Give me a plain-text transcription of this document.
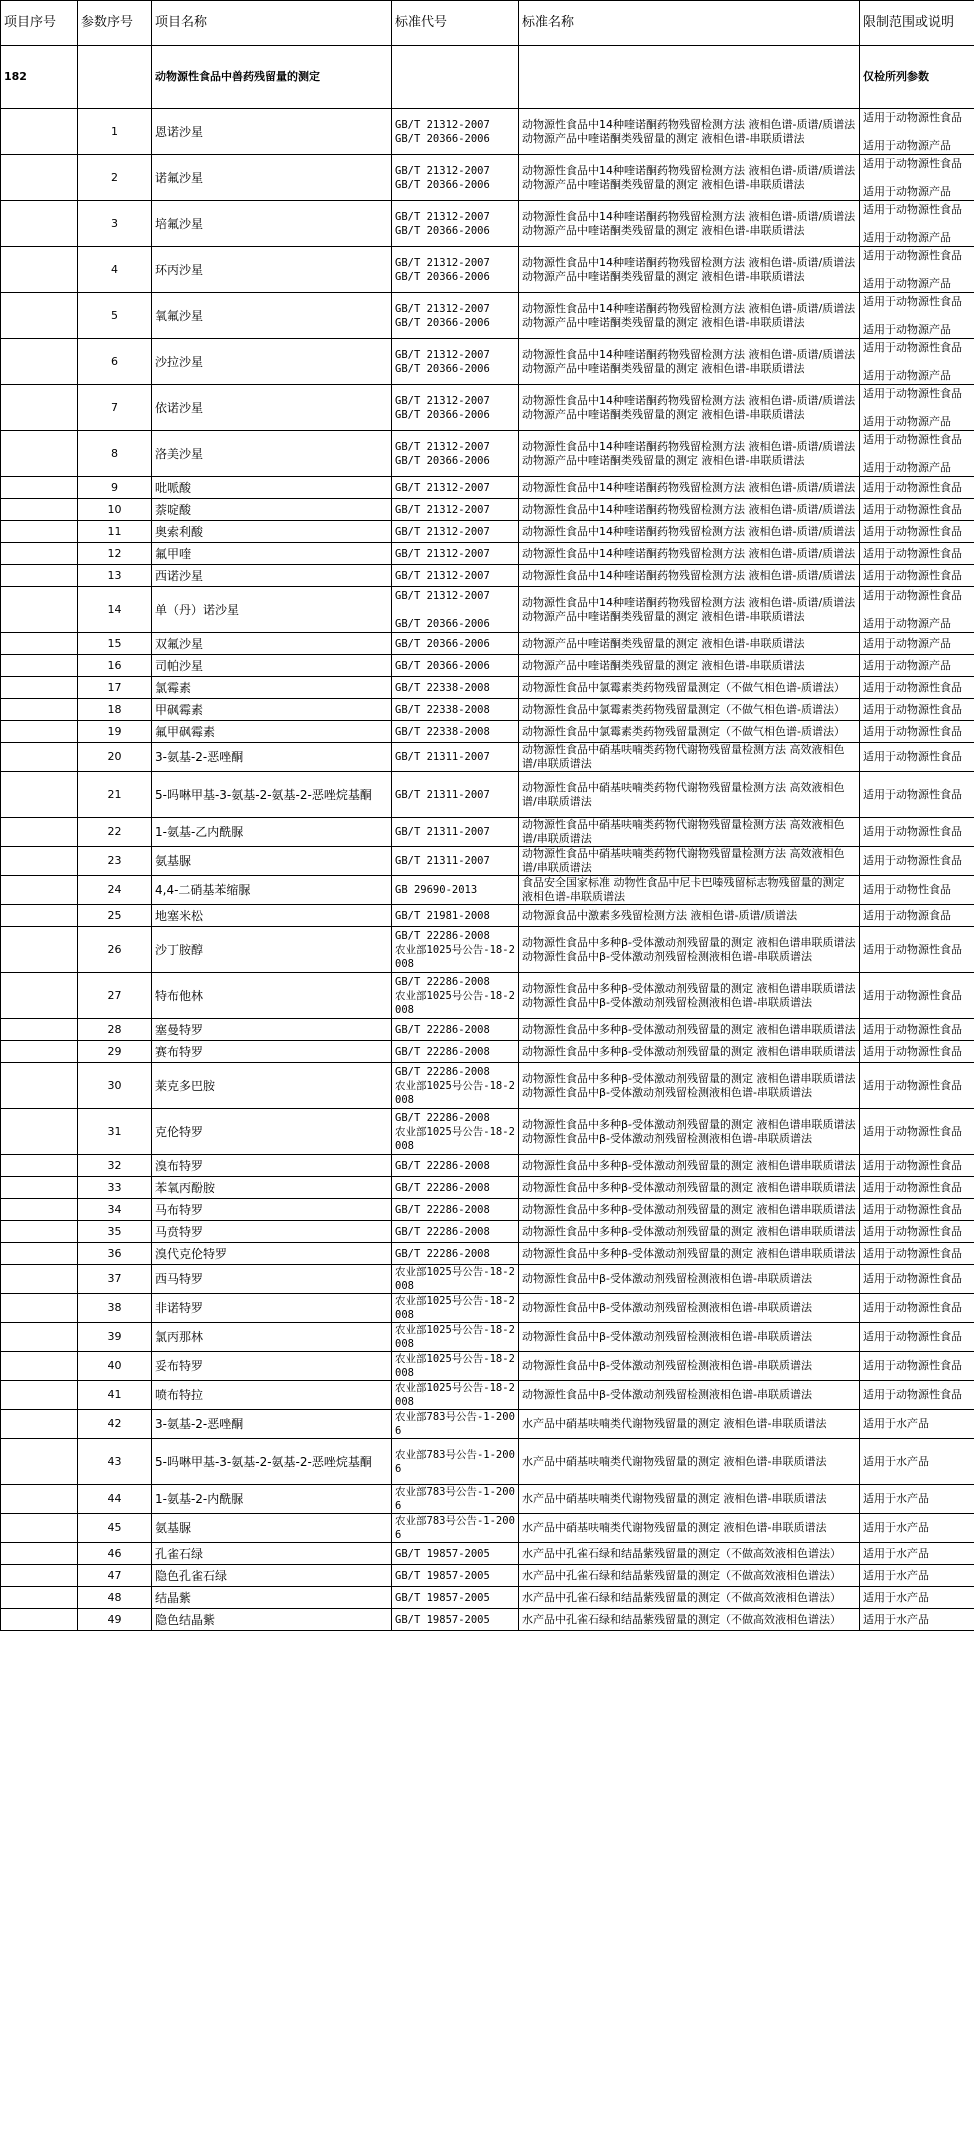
项目序号	参数序号	项目名称	标准代号	标准名称	限制范围或说明
182		动物源性食品中兽药残留量的测定			仅检所列参数
	1	恩诺沙星	GB/T 21312-2007
GB/T 20366-2006	动物源性食品中14种喹诺酮药物残留检测方法 液相色谱-质谱/质谱法
动物源产品中喹诺酮类残留量的测定 液相色谱-串联质谱法	适用于动物源性食品

适用于动物源产品
	2	诺氟沙星	GB/T 21312-2007
GB/T 20366-2006	动物源性食品中14种喹诺酮药物残留检测方法 液相色谱-质谱/质谱法
动物源产品中喹诺酮类残留量的测定 液相色谱-串联质谱法	适用于动物源性食品

适用于动物源产品
	3	培氟沙星	GB/T 21312-2007
GB/T 20366-2006	动物源性食品中14种喹诺酮药物残留检测方法 液相色谱-质谱/质谱法
动物源产品中喹诺酮类残留量的测定 液相色谱-串联质谱法	适用于动物源性食品

适用于动物源产品
	4	环丙沙星	GB/T 21312-2007
GB/T 20366-2006	动物源性食品中14种喹诺酮药物残留检测方法 液相色谱-质谱/质谱法
动物源产品中喹诺酮类残留量的测定 液相色谱-串联质谱法	适用于动物源性食品

适用于动物源产品
	5	氧氟沙星	GB/T 21312-2007
GB/T 20366-2006	动物源性食品中14种喹诺酮药物残留检测方法 液相色谱-质谱/质谱法
动物源产品中喹诺酮类残留量的测定 液相色谱-串联质谱法	适用于动物源性食品

适用于动物源产品
	6	沙拉沙星	GB/T 21312-2007
GB/T 20366-2006	动物源性食品中14种喹诺酮药物残留检测方法 液相色谱-质谱/质谱法
动物源产品中喹诺酮类残留量的测定 液相色谱-串联质谱法	适用于动物源性食品

适用于动物源产品
	7	依诺沙星	GB/T 21312-2007
GB/T 20366-2006	动物源性食品中14种喹诺酮药物残留检测方法 液相色谱-质谱/质谱法
动物源产品中喹诺酮类残留量的测定 液相色谱-串联质谱法	适用于动物源性食品

适用于动物源产品
	8	洛美沙星	GB/T 21312-2007
GB/T 20366-2006	动物源性食品中14种喹诺酮药物残留检测方法 液相色谱-质谱/质谱法
动物源产品中喹诺酮类残留量的测定 液相色谱-串联质谱法	适用于动物源性食品

适用于动物源产品
	9	吡哌酸	GB/T 21312-2007	动物源性食品中14种喹诺酮药物残留检测方法 液相色谱-质谱/质谱法	适用于动物源性食品
	10	萘啶酸	GB/T 21312-2007	动物源性食品中14种喹诺酮药物残留检测方法 液相色谱-质谱/质谱法	适用于动物源性食品
	11	奥索利酸	GB/T 21312-2007	动物源性食品中14种喹诺酮药物残留检测方法 液相色谱-质谱/质谱法	适用于动物源性食品
	12	氟甲喹	GB/T 21312-2007	动物源性食品中14种喹诺酮药物残留检测方法 液相色谱-质谱/质谱法	适用于动物源性食品
	13	西诺沙星	GB/T 21312-2007	动物源性食品中14种喹诺酮药物残留检测方法 液相色谱-质谱/质谱法	适用于动物源性食品
	14	单（丹）诺沙星	GB/T 21312-2007

GB/T 20366-2006	动物源性食品中14种喹诺酮药物残留检测方法 液相色谱-质谱/质谱法
动物源产品中喹诺酮类残留量的测定 液相色谱-串联质谱法	适用于动物源性食品

适用于动物源产品
	15	双氟沙星	GB/T 20366-2006	动物源产品中喹诺酮类残留量的测定 液相色谱-串联质谱法	适用于动物源产品
	16	司帕沙星	GB/T 20366-2006	动物源产品中喹诺酮类残留量的测定 液相色谱-串联质谱法	适用于动物源产品
	17	氯霉素	GB/T 22338-2008	动物源性食品中氯霉素类药物残留量测定（不做气相色谱-质谱法）	适用于动物源性食品
	18	甲砜霉素	GB/T 22338-2008	动物源性食品中氯霉素类药物残留量测定（不做气相色谱-质谱法）	适用于动物源性食品
	19	氟甲砜霉素	GB/T 22338-2008	动物源性食品中氯霉素类药物残留量测定（不做气相色谱-质谱法）	适用于动物源性食品
	20	3-氨基-2-恶唑酮	GB/T 21311-2007	动物源性食品中硝基呋喃类药物代谢物残留量检测方法 高效液相色谱/串联质谱法	适用于动物源性食品
	21	5-吗啉甲基-3-氨基-2-氨基-2-恶唑烷基酮	GB/T 21311-2007	动物源性食品中硝基呋喃类药物代谢物残留量检测方法 高效液相色谱/串联质谱法	适用于动物源性食品
	22	1-氨基-乙内酰脲	GB/T 21311-2007	动物源性食品中硝基呋喃类药物代谢物残留量检测方法 高效液相色谱/串联质谱法	适用于动物源性食品
	23	氨基脲	GB/T 21311-2007	动物源性食品中硝基呋喃类药物代谢物残留量检测方法 高效液相色谱/串联质谱法	适用于动物源性食品
	24	4,4-二硝基苯缩脲	GB 29690-2013	食品安全国家标准 动物性食品中尼卡巴嗪残留标志物残留量的测定 液相色谱-串联质谱法	适用于动物性食品
	25	地塞米松	GB/T 21981-2008	动物源食品中激素多残留检测方法 液相色谱-质谱/质谱法	适用于动物源食品
	26	沙丁胺醇	GB/T 22286-2008
农业部1025号公告-18-2008	动物源性食品中多种β-受体激动剂残留量的测定 液相色谱串联质谱法
动物源性食品中β-受体激动剂残留检测液相色谱-串联质谱法	适用于动物源性食品
	27	特布他林	GB/T 22286-2008
农业部1025号公告-18-2008	动物源性食品中多种β-受体激动剂残留量的测定 液相色谱串联质谱法
动物源性食品中β-受体激动剂残留检测液相色谱-串联质谱法	适用于动物源性食品
	28	塞曼特罗	GB/T 22286-2008	动物源性食品中多种β-受体激动剂残留量的测定 液相色谱串联质谱法	适用于动物源性食品
	29	赛布特罗	GB/T 22286-2008	动物源性食品中多种β-受体激动剂残留量的测定 液相色谱串联质谱法	适用于动物源性食品
	30	莱克多巴胺	GB/T 22286-2008
农业部1025号公告-18-2008	动物源性食品中多种β-受体激动剂残留量的测定 液相色谱串联质谱法
动物源性食品中β-受体激动剂残留检测液相色谱-串联质谱法	适用于动物源性食品
	31	克伦特罗	GB/T 22286-2008
农业部1025号公告-18-2008	动物源性食品中多种β-受体激动剂残留量的测定 液相色谱串联质谱法
动物源性食品中β-受体激动剂残留检测液相色谱-串联质谱法	适用于动物源性食品
	32	溴布特罗	GB/T 22286-2008	动物源性食品中多种β-受体激动剂残留量的测定 液相色谱串联质谱法	适用于动物源性食品
	33	苯氧丙酚胺	GB/T 22286-2008	动物源性食品中多种β-受体激动剂残留量的测定 液相色谱串联质谱法	适用于动物源性食品
	34	马布特罗	GB/T 22286-2008	动物源性食品中多种β-受体激动剂残留量的测定 液相色谱串联质谱法	适用于动物源性食品
	35	马贲特罗	GB/T 22286-2008	动物源性食品中多种β-受体激动剂残留量的测定 液相色谱串联质谱法	适用于动物源性食品
	36	溴代克伦特罗	GB/T 22286-2008	动物源性食品中多种β-受体激动剂残留量的测定 液相色谱串联质谱法	适用于动物源性食品
	37	西马特罗	农业部1025号公告-18-2008	动物源性食品中β-受体激动剂残留检测液相色谱-串联质谱法	适用于动物源性食品
	38	非诺特罗	农业部1025号公告-18-2008	动物源性食品中β-受体激动剂残留检测液相色谱-串联质谱法	适用于动物源性食品
	39	氯丙那林	农业部1025号公告-18-2008	动物源性食品中β-受体激动剂残留检测液相色谱-串联质谱法	适用于动物源性食品
	40	妥布特罗	农业部1025号公告-18-2008	动物源性食品中β-受体激动剂残留检测液相色谱-串联质谱法	适用于动物源性食品
	41	喷布特拉	农业部1025号公告-18-2008	动物源性食品中β-受体激动剂残留检测液相色谱-串联质谱法	适用于动物源性食品
	42	3-氨基-2-恶唑酮	农业部783号公告-1-2006	水产品中硝基呋喃类代谢物残留量的测定 液相色谱-串联质谱法	适用于水产品
	43	5-吗啉甲基-3-氨基-2-氨基-2-恶唑烷基酮	农业部783号公告-1-2006	水产品中硝基呋喃类代谢物残留量的测定 液相色谱-串联质谱法	适用于水产品
	44	1-氨基-2-内酰脲	农业部783号公告-1-2006	水产品中硝基呋喃类代谢物残留量的测定 液相色谱-串联质谱法	适用于水产品
	45	氨基脲	农业部783号公告-1-2006	水产品中硝基呋喃类代谢物残留量的测定 液相色谱-串联质谱法	适用于水产品
	46	孔雀石绿	GB/T 19857-2005	水产品中孔雀石绿和结晶紫残留量的测定（不做高效液相色谱法）	适用于水产品
	47	隐色孔雀石绿	GB/T 19857-2005	水产品中孔雀石绿和结晶紫残留量的测定（不做高效液相色谱法）	适用于水产品
	48	结晶紫	GB/T 19857-2005	水产品中孔雀石绿和结晶紫残留量的测定（不做高效液相色谱法）	适用于水产品
	49	隐色结晶紫	GB/T 19857-2005	水产品中孔雀石绿和结晶紫残留量的测定（不做高效液相色谱法）	适用于水产品
